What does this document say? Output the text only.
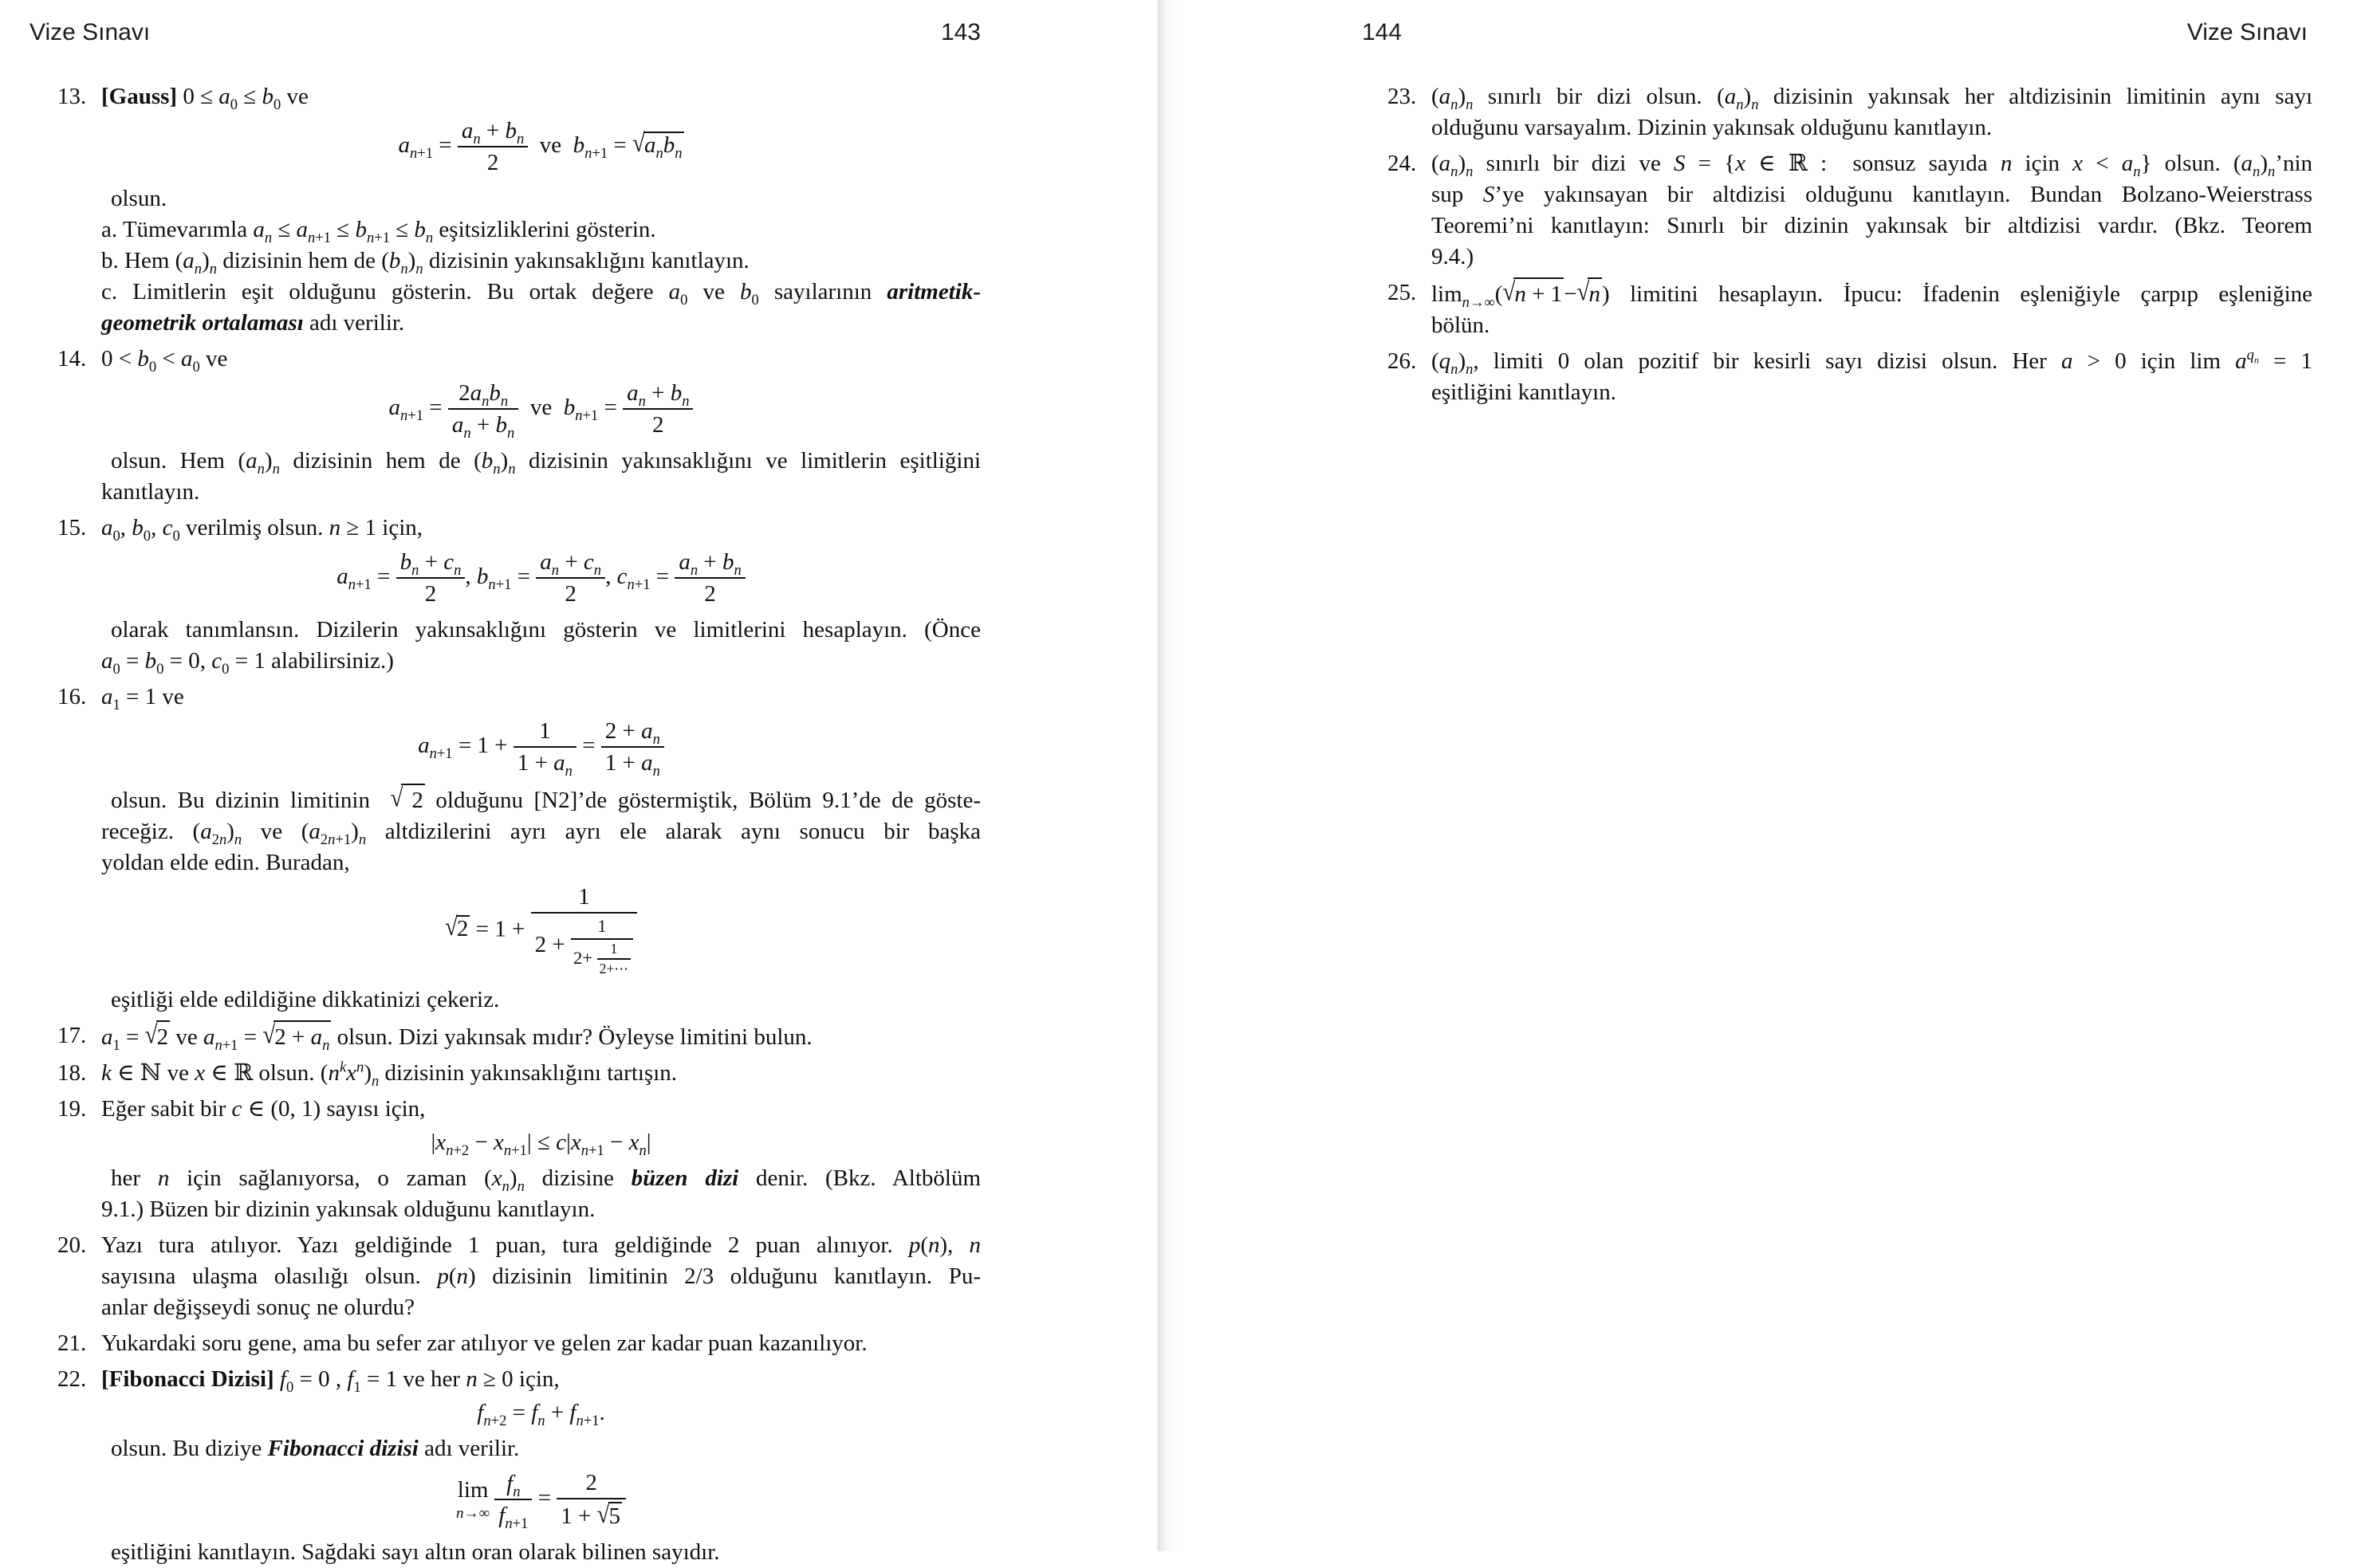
Vize Sınavı	143
13. [Gauss] $0 \le a_0 \le b_0$ ve
$a_{n+1} = \frac{a_n + b_n}{2}$ ve  $b_{n+1} = √a_nb_n$
olsun.
a. Tümevarımla $a_n \le a_{n+1} \le b_{n+1} \le b_n$ eşitsizliklerini gösterin.
b. Hem $(a_n)_n$ dizisinin hem de $(b_n)_n$ dizisinin yakınsaklığını kanıtlayın.
c. Limitlerin eşit olduğunu gösterin. Bu ortak değere $a_0$ ve $b_0$ sayılarının aritmetik-
geometrik ortalaması adı verilir.
14. $0 < b_0 < a_0$ ve
$a_{n+1} = \frac{2a_nb_n}{a_n + b_n}$ ve  $b_{n+1} = \frac{a_n + b_n}{2}$
olsun. Hem $(a_n)_n$ dizisinin hem de $(b_n)_n$ dizisinin yakınsaklığını ve limitlerin eşitliğini
kanıtlayın.
15. $a_0$, $b_0$, $c_0$ verilmiş olsun. n ≥ 1 için,
$a_{n+1} = \frac{b_n + c_n}{2}$ , $b_{n+1} = \frac{a_n + c_n}{2}$ , $c_{n+1} = \frac{a_n + b_n}{2}$
olarak tanımlansın. Dizilerin yakınsaklığını gösterin ve limitlerini hesaplayın. (Önce
$a_0 = b_0 = 0$, $c_0 = 1$ alabilirsiniz.)
16. $a_1 = 1$ ve
$a_{n+1} = 1 + \frac{1}{1 + a_n} = \frac{2 + a_n}{1 + a_n}$
olsun. Bu dizinin limitinin √ 2 olduğunu [N2]’de göstermiştik, Bölüm 9.1’de de göste-
receğiz. $(a_{2n})_n$ ve $(a_{2n+1})_n$ altdizilerini ayrı ayrı ele alarak aynı sonucu bir başka
yoldan elde edin. Buradan,
$√2 = 1 + \frac{1}{2 + \frac{1}{2+ \frac{1}{2+\cdots}}}$
eşitliği elde edildiğine dikkatinizi çekeriz.
17. $a_1 = √2$ ve $a_{n+1} = √2 + a_n$ olsun. Dizi yakınsak mıdır? Öyleyse limitini bulun.
18. k ∈ ℕ ve x ∈ ℝ olsun. $(n^kx^n)_n$ dizisinin yakınsaklığını tartışın.
19. Eğer sabit bir c ∈ (0, 1) sayısı için,
$|x_{n+2} - x_{n+1}| \le c|x_{n+1} - x_n|$
her n için sağlanıyorsa, o zaman $(x_n)_n$ dizisine büzen dizi denir. (Bkz. Altbölüm
9.1.) Büzen bir dizinin yakınsak olduğunu kanıtlayın.
20. Yazı tura atılıyor. Yazı geldiğinde 1 puan, tura geldiğinde 2 puan alınıyor. p(n), n
sayısına ulaşma olasılığı olsun. p(n) dizisinin limitinin 2/3 olduğunu kanıtlayın. Pu-
anlar değişseydi sonuç ne olurdu?
21. Yukardaki soru gene, ama bu sefer zar atılıyor ve gelen zar kadar puan kazanılıyor.
22. [Fibonacci Dizisi] $f_0 = 0$ , $f_1 = 1$ ve her n ≥ 0 için,
$f_{n+2} = f_n + f_{n+1}$.
olsun. Bu diziye Fibonacci dizisi adı verilir.
lim
$n\to\infty \frac{f_n}{f_{n+1}} = \frac{2}{1 + √5}$
eşitliğini kanıtlayın. Sağdaki sayı altın oran olarak bilinen sayıdır.
144	Vize Sınavı
23. $(a_n)_n$ sınırlı bir dizi olsun. $(a_n)_n$ dizisinin yakınsak her altdizisinin limitinin aynı sayı
olduğunu varsayalım. Dizinin yakınsak olduğunu kanıtlayın.
24. $(a_n)_n$ sınırlı bir dizi ve S = {x ∈ ℝ :  sonsuz sayıda n için $x < a_n$} olsun. $(a_n)_n’nin$
sup S’ye yakınsayan bir altdizisi olduğunu kanıtlayın. Bundan Bolzano-Weierstrass
Teoremi’ni kanıtlayın: Sınırlı bir dizinin yakınsak bir altdizisi vardır. (Bkz. Teorem
9.4.)
25. $\lim_{n\to\infty}(√n + 1-√n)$ limitini hesaplayın. İpucu: İfadenin eşleniğiyle çarpıp eşleniğine
bölün.
26. $(q_n)_n$, limiti 0 olan pozitif bir kesirli sayı dizisi olsun. Her a > 0 için $\lim a^{q_n} = 1$
eşitliğini kanıtlayın.
